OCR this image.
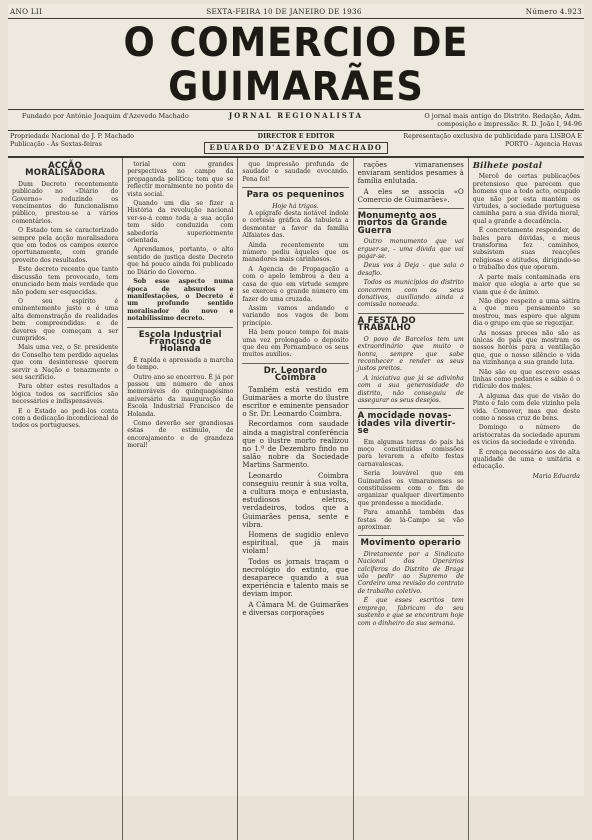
ANO LII	SEXTA-FEIRA 10 DE JANEIRO DE 1936	Número 4.923
O COMERCIO DE GUIMARÃES
Fundado por António Joaquim d'Azevedo Machado	JORNAL REGIONALISTA	O jornal mais antigo do Distrito. Redação, Adm. composição e impressão: R. D. João I, 94-96
Propriedade Nacional de J. P. Machado
Publicação - Às Sextas-feiras
DIRECTOR E EDITOR
EDUARDO D'AZEVEDO MACHADO
Representação exclusiva de publicidade para LISBOA E PORTO - Agencia Havas
ACÇÃO MORALISADORA

Dum Decreto recentemente publicado no «Diário do Governo» reduzindo os vencimentos do funcionalismo público, prestou-se a vários comentários.

O Estado tem se caracterizado sempre pela acção moralisadora que em todos os campos exerce oportunamente, com grande proveito dos resultados.

Este decreto recente que tanto discussão tem provocado, tem enunciado bem mais verdade que não podem ser esquecidas.

O seu espírito é eminentemente justo e é uma alta demonstração de realidades bem compreendidas: e de deveres que começam a ser cumpridos.

Mais uma vez, o Sr. presidente do Conselho tem perdido aquelas que com desinteresse querem servir a Nação e tenazmente o seu sacrifício.

Para obter estes resultados a lógica todos os sacrifícios são necessários e indispensáveis.

E o Estado ao pedi-los conta com a dedicação incondicional de todos os portugueses.

torial com grandes perspectivas no campo da propaganda política; tem que se reflectir moralmente no ponto de vista social.

Quando um dia se fizer a História da revolução nacional ver-se-á como toda a sua acção tem sido conduzida com sabedoria superiormente orientada.

Aprendamos, portanto, o alto sentido de justiça deste Decreto que há pouco ainda foi publicado no Diário do Governo.

Sob esse aspecto numa época de absurdos e manifestações, o Decreto é um profundo sentido moralisador do novo e notabilíssimo decreto.

Escola Industrial Francisco de Holanda

É rapida e apressada a marcha do tempo.

Outro ano se encerrou. É já por passou um número de anos memoráveis do quinquagésimo aniversário da inauguração da Escola Industrial Francisco de Holanda.

Como deverão ser grandiosas estas de estímulo, de encorajamento e de grandeza moral!

que impressão profunda de saudade e saudade evocando. Pena foi!

Para os pequeninos
Hoje há trigos.

A epígrafe desta notável índole e cortesia gráfica da tabuleta a desmontar a favor da família Alfaiates das.

Ainda recentemente um número pediu àqueles que os manadores mais carinhosos.

A Agencia de Propagação a com o apelo lembrou a deu a casa de que em virtude sempre se exerceu o grande número em fazer do uma cruzada.

Assim vamos andando e variando nos vagos de bom princípio.

Há bem pouco tempo foi mais uma vez prolongado o depósito que deu em Pernambuco os seus muitos auxílios.

Dr. Leonardo Coimbra

Também está vestido em Guimarães a morte do ilustre escritor e eminente pensador o Sr. Dr. Leonardo Coimbra.

Recordamos com saudade ainda a magistral conferência que o ilustre morto realizou no 1.º de Dezembro findo no salão nobre da Sociedade Martins Sarmento.

Leonardo Coimbra conseguiu reunir à sua volta, a cultura moça e entusiasta, estudiosos eletros, verdadeiros, todos que a Guimarães pensa, sente e vibra.

Homens de sugidio enlevo espiritual, que já mais violam!

Todos os jornais traçam o necrológio do extinto, que desaparece quando a sua experiência e talento mais se deviam impor.

A Câmara M. de Guimarães e diversas corporações

rações vimaranenses enviaram sentidos pesames à família enlutada.

A eles se associa «O Comercio de Guimarães».

Monumento aos mortos da Grande Guerra

Outro monumento que vai erguer-se, - uma dívida que vai pagar-se.

Deus vos à Deja - que sala o desafio.

Todos os municípios do distrito concorrem com os seus donativos, auxiliando ainda a comissão nomeada.

A FESTA DO TRABALHO

O povo de Barcelos tem um extraordinário que muito o honra, sempre que sabe reconhecer e render os seus justos preitos.

A iniciativa que já se adivinha com a sua generosidade do distrito, não conseguiu de assegurar os seus desejos.

A mocidade novas-idades vila divertir-se

Em algumas terras do país há moço constituídas comissões para levarem a efeito festas carnavalescas.

Seria louvável que em Guimarães os vimaranenses se constituíssem com o fim de organizar qualquer divertimento que prendesse a mocidade.

Para amanhã também das festas de lá-Campo se vão aproximar.

Movimento operario

Diretamente por a Sindicato Nacional dos Operários calcíferos do Distrito de Braga vão pedir ao Supremo de Cordeiro uma revisão do contrato de trabalho coletivo.

É que esses escritos tem emprego, fabricam do seu sustento e que se encontram hoje com o dinheiro da sua semana.

Bilhete postal

Mercê de certas publicações pretensioso que parecem que homens que a todo acto, ocupado que não por esta mantém os virtudes, a sociedade portuguesa caminha para a sua dívida moral, qual a grande a decadência.

É concretamente responder, de bales para dúvidas, e meus transforma fez caminhos, subsistem suas reacções religiosas e atitudes, dirigindo-se o trabalho dos que operam.

A parte mais contaminada era maior que elogia a arte que se viam que é de ânimo.

Não digo respeito a uma sátira a que meu pensamento se mostrou, mas espero que algum dia o grupo em que se regozijar.

As nossas preces não são as únicas do país que mostram os nossos heróis para a ventilação que, que o nosso silêncio e vida na vizinhança a sua grande luta.

Não são eu que escrevo essas linhas como pedantes e sábio é o ridículo dos males.

A alguma das que de visão do Pinto e falo com dele vizinho pela vida. Comover, mas que deste como a nossa cruz de bens.

Domingo o número de aristocratas da sociedade apuram os vicios da sociedade e vivenda.

É crença necessário aos de alta qualidade de uma e unitária e educação.

Maria Eduarda
